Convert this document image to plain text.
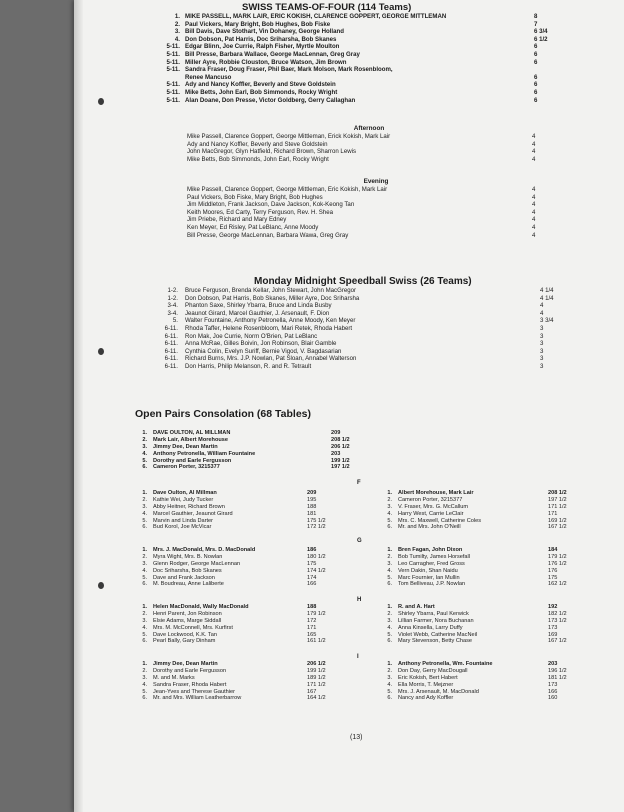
SWISS TEAMS-OF-FOUR (114 Teams)
1. MIKE PASSELL, MARK LAIR, ERIC KOKISH, CLARENCE GOPPERT, GEORGE MITTLEMAN	8
2. Paul Vickers, Mary Bright, Bob Hughes, Bob Fiske	7
3. Bill Davis, Dave Stothart, Vin Dohaney, George Holland	6 3/4
4. Don Dobson, Pat Harris, Doc Sriharsha, Bob Skanes	6 1/2
5-11. Edgar Blinn, Joe Currie, Ralph Fisher, Myrtle Moulton	6
5-11. Bill Presse, Barbara Wallace, George MacLennan, Greg Gray	6
5-11. Miller Ayre, Robbie Clouston, Bruce Watson, Jim Brown	6
5-11. Sandra Fraser, Doug Fraser, Phil Baer, Mark Molson, Mark Rosenbloom,
Renee Mancuso	6
5-11. Ady and Nancy Koffler, Beverly and Steve Goldstein	6
5-11. Mike Betts, John Earl, Bob Simmonds, Rocky Wright	6
5-11. Alan Doane, Don Presse, Victor Goldberg, Gerry Callaghan	6
Afternoon
Mike Passell, Clarence Goppert, George Mittleman, Erick Kokish, Mark Lair	4
Ady and Nancy Koffler, Beverly and Steve Goldstein	4
John MacGregor, Glyn Hatfield, Richard Brown, Sharron Lewis	4
Mike Betts, Bob Simmonds, John Earl, Rocky Wright	4
Evening
Mike Passell, Clarence Goppert, George Mittleman, Eric Kokish, Mark Lair	4
Paul Vickers, Bob Fiske, Mary Bright, Bob Hughes	4
Jim Middleton, Frank Jackson, Dave Jackson, Kok-Keong Tan	4
Keith Moores, Ed Carty, Terry Ferguson, Rev. H. Shea	4
Jim Priebe, Richard and Mary Edney	4
Ken Meyer, Ed Risley, Pat LeBlanc, Anne Moody	4
Bill Presse, George MacLennan, Barbara Wawa, Greg Gray	4
Monday Midnight Speedball Swiss (26 Teams)
1-2. Bruce Ferguson, Brenda Kellar, John Stewart, John MacGregor	4 1/4
1-2. Don Dobson, Pat Harris, Bob Skanes, Miller Ayre, Doc Sriharsha	4 1/4
3-4. Phanton Saxe, Shirley Ybarra, Bruce and Linda Busby	4
3-4. Jeaunot Girard, Marcel Gauthier, J. Arsenault, F. Dion	4
5. Walter Fountaine, Anthony Petronella, Anne Moody, Ken Meyer	3 3/4
6-11. Rhoda Taffer, Helene Rosenbloom, Mari Retek, Rhoda Habert	3
6-11. Ron Mak, Joe Currie, Norm O'Brien, Pat LeBlanc	3
6-11. Anna McRae, Gilles Boivin, Jon Robinson, Blair Gamble	3
6-11. Cynthia Colin, Evelyn Suriff, Bernie Vigod, V. Bagdasarian	3
6-11. Richard Burns, Mrs. J.P. Nowlan, Pat Sloan, Annabel Walterson	3
6-11. Don Harris, Philip Melanson, R. and R. Tetrault	3
Open Pairs Consolation (68 Tables)
1. DAVE OULTON, AL MILLMAN	209
2. Mark Lair, Albert Morehouse	208 1/2
3. Jimmy Dee, Dean Martin	206 1/2
4. Anthony Petronella, William Fountaine	203
5. Dorothy and Earle Fergusson	199 1/2
6. Cameron Porter, 3215377	197 1/2
F
1. Dave Oulton, Al Millman	209
2. Kathie Wei, Judy Tucker	195
3. Abby Heitner, Richard Brown	188
4. Marcel Gauthier, Jeaunot Girard	181
5. Marvin and Linda Darter	175 1/2
6. Bud Korol, Joe McVicar	172 1/2
1. Albert Morehouse, Mark Lair	208 1/2
2. Cameron Porter, 3215377	197 1/2
3. V. Fraser, Mrs. G. McCallum	171 1/2
4. Harry West, Carrie LeClair	171
5. Mrs. C. Maxwell, Catherine Coles	169 1/2
6. Mr. and Mrs. John O'Neill	167 1/2
G
1. Mrs. J. MacDonald, Mrs. D. MacDonald	186
2. Myra Wight, Mrs. B. Nowlan	180 1/2
3. Glenn Rodger, George MacLennan	175
4. Doc Sriharsha, Bob Skanes	174 1/2
5. Dave and Frank Jackson	174
6. M. Boudreau, Anne Laliberte	166
1. Bren Fagan, John Dixon	184
2. Bob Tumilty, James Horsefall	179 1/2
3. Leo Carragher, Fred Gross	176 1/2
4. Vern Dakin, Shan Naidu	176
5. Marc Fournier, Ian Mullin	175
6. Tom Belliveau, J.P. Nowlan	162 1/2
H
1. Helen MacDonald, Wally MacDonald	188
2. Henri Parent, Jon Robinson	179 1/2
3. Elsie Adams, Marge Siddall	172
4. Mrs. M. McConnell, Mrs. Kurfirst	171
5. Dave Lockwood, K.K. Tan	165
6. Pearl Bally, Gary Dinham	161 1/2
1. R. and A. Hart	192
2. Shirley Ybarra, Paul Kerwick	182 1/2
3. Lillian Farmer, Nora Buchanan	173 1/2
4. Anna Kinsella, Larry Duffy	173
5. Violet Webb, Catherine MacNeil	169
6. Mary Stevenson, Betty Chase	167 1/2
I
1. Jimmy Dee, Dean Martin	206 1/2
2. Dorothy and Earle Fergusson	199 1/2
3. M. and M. Marks	189 1/2
4. Sandra Fraser, Rhoda Habert	171 1/2
5. Jean-Yves and Therese Gauthier	167
6. Mr. and Mrs. William Leatherbarrow	164 1/2
1. Anthony Petronella, Wm. Fountaine	203
2. Don Day, Gerry MacDougall	196 1/2
3. Eric Kokish, Bert Habert	181 1/2
4. Ella Morris, T. Mejzner	173
5. Mrs. J. Arsenault, M. MacDonald	166
6. Nancy and Ady Koffler	160
(13)
